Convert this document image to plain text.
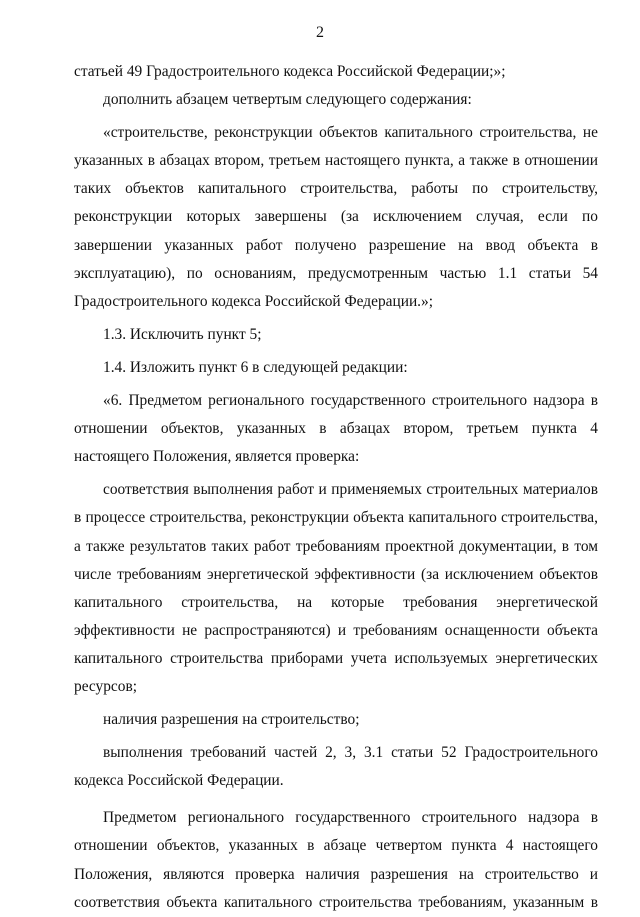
2

статьей 49 Градостроительного кодекса Российской Федерации;»;

дополнить абзацем четвертым следующего содержания:

«строительстве, реконструкции объектов капитального строительства, не

указанных в абзацах втором, третьем настоящего пункта, а также в отношении

таких объектов капитального строительства, работы по строительству,

реконструкции которых завершены (за исключением случая, если по

завершении указанных работ получено разрешение на ввод объекта в

эксплуатацию), по основаниям, предусмотренным частью 1.1 статьи 54

Градостроительного кодекса Российской Федерации.»;

1.3. Исключить пункт 5;

1.4. Изложить пункт 6 в следующей редакции:

«6. Предметом регионального государственного строительного надзора в

отношении объектов, указанных в абзацах втором, третьем пункта 4

настоящего Положения, является проверка:

соответствия выполнения работ и применяемых строительных материалов

в процессе строительства, реконструкции объекта капитального строительства,

а также результатов таких работ требованиям проектной документации, в том

числе требованиям энергетической эффективности (за исключением объектов

капитального строительства, на которые требования энергетической

эффективности не распространяются) и требованиям оснащенности объекта

капитального строительства приборами учета используемых энергетических

ресурсов;

наличия разрешения на строительство;

выполнения требований частей 2, 3, 3.1 статьи 52 Градостроительного

кодекса Российской Федерации.

Предметом регионального государственного строительного надзора в

отношении объектов, указанных в абзаце четвертом пункта 4 настоящего

Положения, являются проверка наличия разрешения на строительство и

соответствия объекта капитального строительства требованиям, указанным в
